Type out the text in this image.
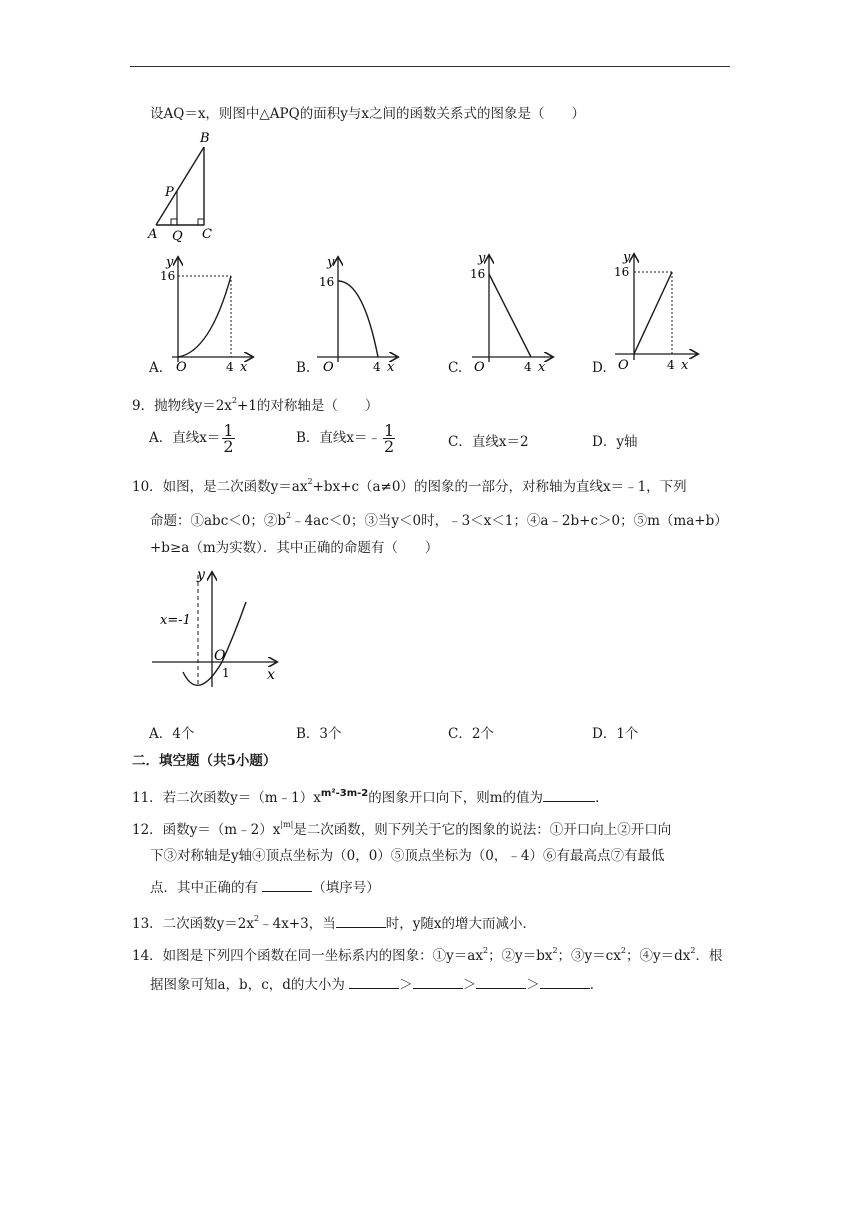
设AQ＝x，则图中△APQ的面积y与x之间的函数关系式的图象是（　　）
B
P
A Q C
y
16
O	4 x
A.
y
16
O	4 x
B.
y
16
O	4 x
C.
y
16
O	4 x
D.
9．抛物线$y=2x^2+1$的对称轴是（　　）
A．直线$x= \frac{1}{2}$	B．直线x＝﹣ $\frac{1}{2}$	C．直线x＝2	D．y轴
10．如图，是二次函数$y=ax^2+bx+c(a\ne 0)$的图象的一部分，对称轴为直线x＝﹣1，下列
命题：①abc＜0；$②b^2﹣4ac<0$；③当y＜0时，﹣3＜x＜1；④a﹣2b+c＞0；⑤m（ma+b）
+b≥a（m为实数）．其中正确的命题有（　　）
y
x=-1
O
1	x
A．4个	B．3个	C．2个	D．1个
二．填空题（共5小题）
11．若二次函数$y=(m﹣1)x^{m^2-3m-2}$的图象开口向下，则m的值为	．
12．函数$y=(m﹣2)x^{|m|}$是二次函数，则下列关于它的图象的说法：①开口向上②开口向
下③对称轴是y轴④顶点坐标为（0，0）⑤顶点坐标为（0，﹣4）⑥有最高点⑦有最低
点．其中正确的有	（填序号）
13．二次函数$y=2x^2﹣4x+3$，当	时，y随x的增大而减小．
14．如图是下列四个函数在同一坐标系内的图象：$①y=ax^2$；$②y=bx^2$；$③y=cx^2$；$④y=dx^2$．根
据图象可知a，b，c，d的大小为	＞	＞	＞	．
